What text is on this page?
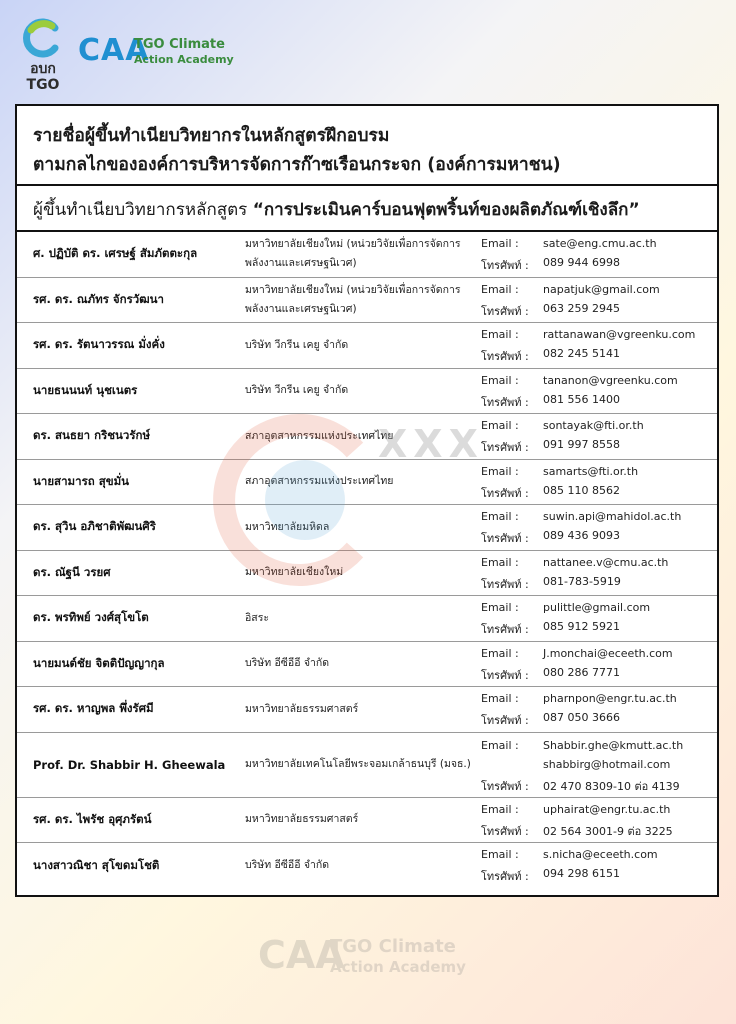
อบก
TGO
CAA
TGO Climate
Action Academy
รายชื่อผู้ขึ้นทำเนียบวิทยากรในหลักสูตรฝึกอบรม
ตามกลไกขององค์การบริหารจัดการก๊าซเรือนกระจก (องค์การมหาชน)
ผู้ขึ้นทำเนียบวิทยากรหลักสูตร “การประเมินคาร์บอนฟุตพริ้นท์ของผลิตภัณฑ์เชิงลึก”
ศ. ปฏิบัติ ดร. เศรษฐ์ สัมภัตตะกุล
มหาวิทยาลัยเชียงใหม่ (หน่วยวิจัยเพื่อการจัดการ
พลังงานและเศรษฐนิเวศ)
Email : sate@eng.cmu.ac.th
โทรศัพท์ : 089 944 6998
รศ. ดร. ณภัทร จักรวัฒนา
มหาวิทยาลัยเชียงใหม่ (หน่วยวิจัยเพื่อการจัดการ
พลังงานและเศรษฐนิเวศ)
Email : napatjuk@gmail.com
โทรศัพท์ : 063 259 2945
รศ. ดร. รัตนาวรรณ มั่งคั่ง	บริษัท วีกรีน เคยู จำกัด
Email : rattanawan@vgreenku.com
โทรศัพท์ : 082 245 5141
นายธนนนท์ นุชเนตร	บริษัท วีกรีน เคยู จำกัด
Email : tananon@vgreenku.com
โทรศัพท์ : 081 556 1400
ดร. สนธยา กริชนวรักษ์	สภาอุตสาหกรรมแห่งประเทศไทย
Email : sontayak@fti.or.th
โทรศัพท์ : 091 997 8558
นายสามารถ สุขมั่น	สภาอุตสาหกรรมแห่งประเทศไทย
Email : samarts@fti.or.th
โทรศัพท์ : 085 110 8562
ดร. สุวิน อภิชาติพัฒนศิริ	มหาวิทยาลัยมหิดล
Email : suwin.api@mahidol.ac.th
โทรศัพท์ : 089 436 9093
ดร. ณัฐนี วรยศ	มหาวิทยาลัยเชียงใหม่
Email : nattanee.v@cmu.ac.th
โทรศัพท์ : 081-783-5919
ดร. พรทิพย์ วงศ์สุโขโต	อิสระ
Email : pulittle@gmail.com
โทรศัพท์ : 085 912 5921
นายมนต์ชัย จิตติปัญญากุล	บริษัท อีซีอีอี จำกัด
Email : J.monchai@eceeth.com
โทรศัพท์ : 080 286 7771
รศ. ดร. หาญพล พึ่งรัศมี	มหาวิทยาลัยธรรมศาสตร์
Email : pharnpon@engr.tu.ac.th
โทรศัพท์ : 087 050 3666
Prof. Dr. Shabbir H. Gheewala	มหาวิทยาลัยเทคโนโลยีพระจอมเกล้าธนบุรี (มจธ.)
Email : Shabbir.ghe@kmutt.ac.th
shabbirg@hotmail.com
โทรศัพท์ : 02 470 8309-10 ต่อ 4139
รศ. ดร. ไพรัช อุศุภรัตน์	มหาวิทยาลัยธรรมศาสตร์
Email : uphairat@engr.tu.ac.th
โทรศัพท์ : 02 564 3001-9 ต่อ 3225
นางสาวณิชา สุโขดมโชติ	บริษัท อีซีอีอี จำกัด
Email : s.nicha@eceeth.com
โทรศัพท์ : 094 298 6151
XXX
CAA
TGO Climate
Action Academy
